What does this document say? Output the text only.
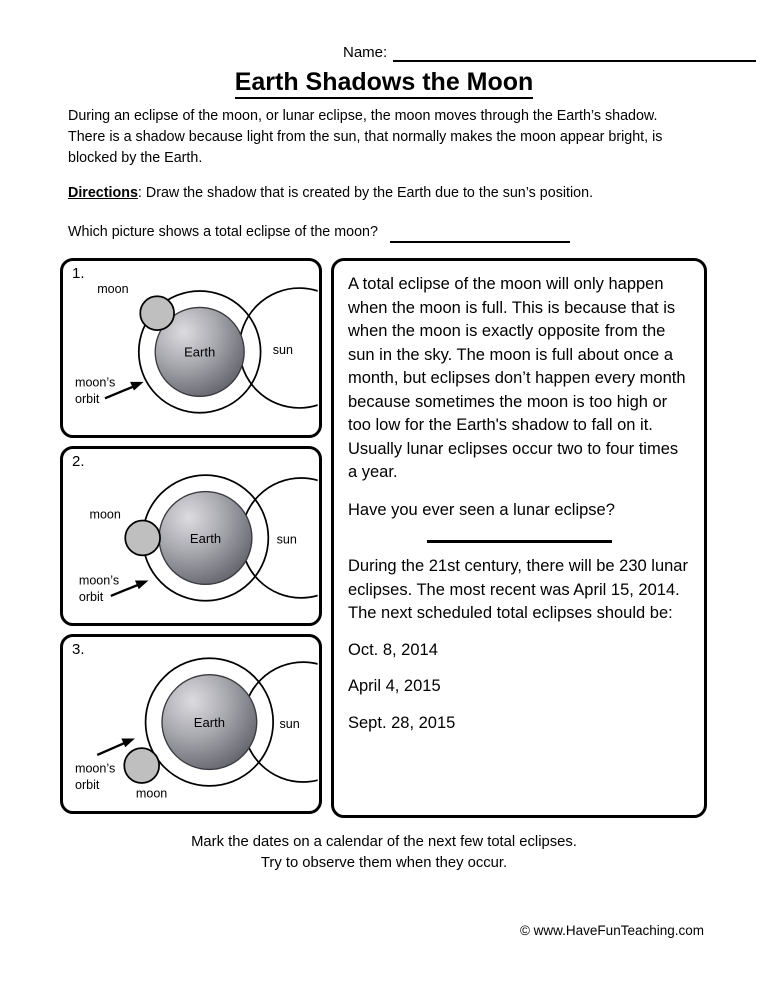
Name:
Earth Shadows the Moon
During an eclipse of the moon, or lunar eclipse, the moon moves through the Earth’s shadow. There is a shadow because light from the sun, that normally makes the moon appear bright, is blocked by the Earth.
Directions: Draw the shadow that is created by the Earth due to the sun’s position.
Which picture shows a total eclipse of the moon?
1.
moon
Earth	sun
moon’s
orbit
2.
moon
Earth	sun
moon’s
orbit
3.
moon
Earth	sun
moon’s
orbit

A total eclipse of the moon will only happen when the moon is full. This is because that is when the moon is exactly opposite from the sun in the sky. The moon is full about once a month, but eclipses don’t happen every month because sometimes the moon is too high or too low for the Earth's shadow to fall on it. Usually lunar eclipses occur two to four times a year.

Have you ever seen a lunar eclipse?

During the 21st century, there will be 230 lunar eclipses. The most recent was April 15, 2014. The next scheduled total eclipses should be:

Oct. 8, 2014

April 4, 2015

Sept. 28, 2015

Mark the dates on a calendar of the next few total eclipses.
Try to observe them when they occur.
© www.HaveFunTeaching.com
